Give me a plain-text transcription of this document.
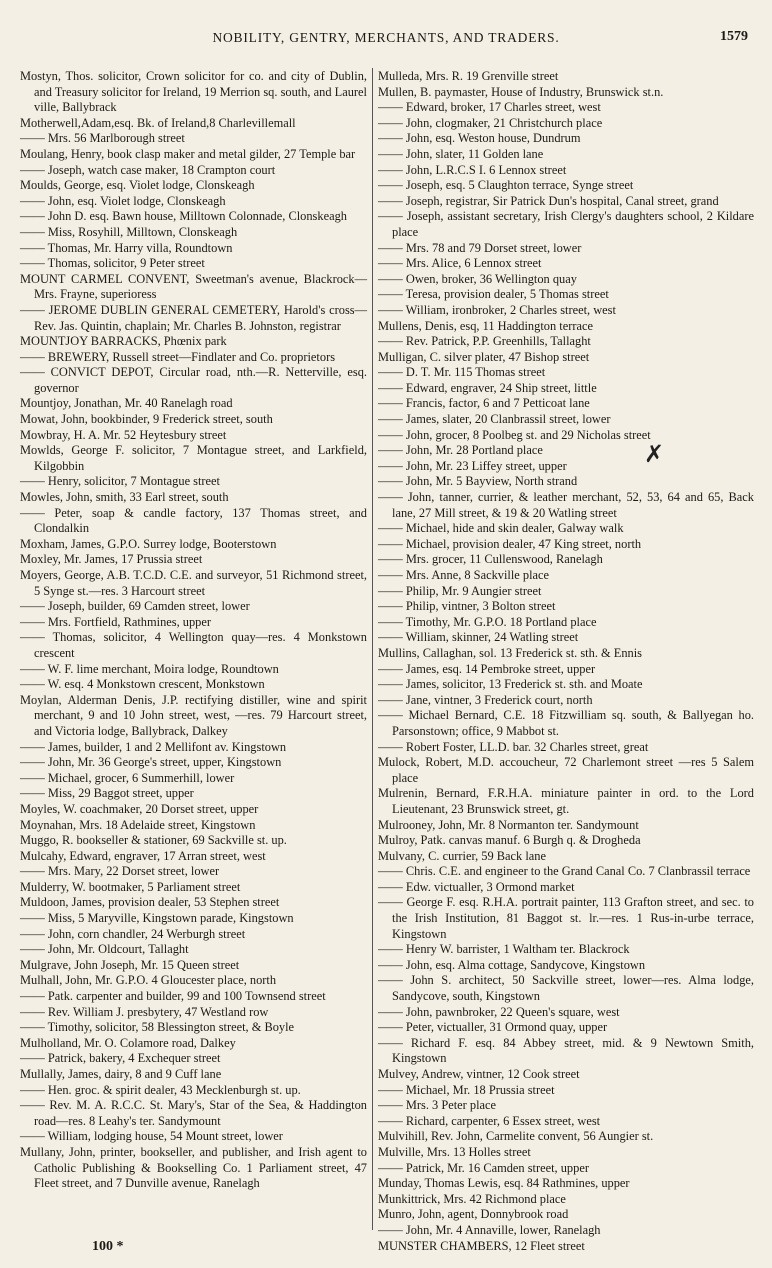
NOBILITY, GENTRY, MERCHANTS, AND TRADERS.	1579

Mostyn, Thos. solicitor, Crown solicitor for co. and city of Dublin, and Treasury solicitor for Ireland, 19 Merrion sq. south, and Laurel ville, Ballybrack

Motherwell,Adam,esq. Bk. of Ireland,8 Charlevillemall

—— Mrs. 56 Marlborough street

Moulang, Henry, book clasp maker and metal gilder, 27 Temple bar

—— Joseph, watch case maker, 18 Crampton court

Moulds, George, esq. Violet lodge, Clonskeagh

—— John, esq. Violet lodge, Clonskeagh

—— John D. esq. Bawn house, Milltown Colonnade, Clonskeagh

—— Miss, Rosyhill, Milltown, Clonskeagh

—— Thomas, Mr. Harry villa, Roundtown

—— Thomas, solicitor, 9 Peter street

MOUNT CARMEL CONVENT, Sweetman's avenue, Blackrock—Mrs. Frayne, superioress

—— JEROME DUBLIN GENERAL CEMETERY, Harold's cross—Rev. Jas. Quintin, chaplain; Mr. Charles B. Johnston, registrar

MOUNTJOY BARRACKS, Phœnix park

—— BREWERY, Russell street—Findlater and Co. proprietors

—— CONVICT DEPOT, Circular road, nth.—R. Netterville, esq. governor

Mountjoy, Jonathan, Mr. 40 Ranelagh road

Mowat, John, bookbinder, 9 Frederick street, south

Mowbray, H. A. Mr. 52 Heytesbury street

Mowlds, George F. solicitor, 7 Montague street, and Larkfield, Kilgobbin

—— Henry, solicitor, 7 Montague street

Mowles, John, smith, 33 Earl street, south

—— Peter, soap & candle factory, 137 Thomas street, and Clondalkin

Moxham, James, G.P.O. Surrey lodge, Booterstown

Moxley, Mr. James, 17 Prussia street

Moyers, George, A.B. T.C.D. C.E. and surveyor, 51 Richmond street, 5 Synge st.—res. 3 Harcourt street

—— Joseph, builder, 69 Camden street, lower

—— Mrs. Fortfield, Rathmines, upper

—— Thomas, solicitor, 4 Wellington quay—res. 4 Monkstown crescent

—— W. F. lime merchant, Moira lodge, Roundtown

—— W. esq. 4 Monkstown crescent, Monkstown

Moylan, Alderman Denis, J.P. rectifying distiller, wine and spirit merchant, 9 and 10 John street, west, —res. 79 Harcourt street, and Victoria lodge, Ballybrack, Dalkey

—— James, builder, 1 and 2 Mellifont av. Kingstown

—— John, Mr. 36 George's street, upper, Kingstown

—— Michael, grocer, 6 Summerhill, lower

—— Miss, 29 Baggot street, upper

Moyles, W. coachmaker, 20 Dorset street, upper

Moynahan, Mrs. 18 Adelaide street, Kingstown

Muggo, R. bookseller & stationer, 69 Sackville st. up.

Mulcahy, Edward, engraver, 17 Arran street, west

—— Mrs. Mary, 22 Dorset street, lower

Mulderry, W. bootmaker, 5 Parliament street

Muldoon, James, provision dealer, 53 Stephen street

—— Miss, 5 Maryville, Kingstown parade, Kingstown

—— John, corn chandler, 24 Werburgh street

—— John, Mr. Oldcourt, Tallaght

Mulgrave, John Joseph, Mr. 15 Queen street

Mulhall, John, Mr. G.P.O. 4 Gloucester place, north

—— Patk. carpenter and builder, 99 and 100 Townsend street

—— Rev. William J. presbytery, 47 Westland row

—— Timothy, solicitor, 58 Blessington street, & Boyle

Mulholland, Mr. O. Colamore road, Dalkey

—— Patrick, bakery, 4 Exchequer street

Mullally, James, dairy, 8 and 9 Cuff lane

—— Hen. groc. & spirit dealer, 43 Mecklenburgh st. up.

—— Rev. M. A. R.C.C. St. Mary's, Star of the Sea, & Haddington road—res. 8 Leahy's ter. Sandymount

—— William, lodging house, 54 Mount street, lower

Mullany, John, printer, bookseller, and publisher, and Irish agent to Catholic Publishing & Bookselling Co. 1 Parliament street, 47 Fleet street, and 7 Dunville avenue, Ranelagh

Mulleda, Mrs. R. 19 Grenville street

Mullen, B. paymaster, House of Industry, Brunswick st.n.

—— Edward, broker, 17 Charles street, west

—— John, clogmaker, 21 Christchurch place

—— John, esq. Weston house, Dundrum

—— John, slater, 11 Golden lane

—— John, L.R.C.S I. 6 Lennox street

—— Joseph, esq. 5 Claughton terrace, Synge street

—— Joseph, registrar, Sir Patrick Dun's hospital, Canal street, grand

—— Joseph, assistant secretary, Irish Clergy's daughters school, 2 Kildare place

—— Mrs. 78 and 79 Dorset street, lower

—— Mrs. Alice, 6 Lennox street

—— Owen, broker, 36 Wellington quay

—— Teresa, provision dealer, 5 Thomas street

—— William, ironbroker, 2 Charles street, west

Mullens, Denis, esq, 11 Haddington terrace

—— Rev. Patrick, P.P. Greenhills, Tallaght

Mulligan, C. silver plater, 47 Bishop street

—— D. T. Mr. 115 Thomas street

—— Edward, engraver, 24 Ship street, little

—— Francis, factor, 6 and 7 Petticoat lane

—— James, slater, 20 Clanbrassil street, lower

—— John, grocer, 8 Poolbeg st. and 29 Nicholas street

—— John, Mr. 28 Portland place

—— John, Mr. 23 Liffey street, upper

—— John, Mr. 5 Bayview, North strand

—— John, tanner, currier, & leather merchant, 52, 53, 64 and 65, Back lane, 27 Mill street, & 19 & 20 Watling street

—— Michael, hide and skin dealer, Galway walk

—— Michael, provision dealer, 47 King street, north

—— Mrs. grocer, 11 Cullenswood, Ranelagh

—— Mrs. Anne, 8 Sackville place

—— Philip, Mr. 9 Aungier street

—— Philip, vintner, 3 Bolton street

—— Timothy, Mr. G.P.O. 18 Portland place

—— William, skinner, 24 Watling street

Mullins, Callaghan, sol. 13 Frederick st. sth. & Ennis

—— James, esq. 14 Pembroke street, upper

—— James, solicitor, 13 Frederick st. sth. and Moate

—— Jane, vintner, 3 Frederick court, north

—— Michael Bernard, C.E. 18 Fitzwilliam sq. south, & Ballyegan ho. Parsonstown; office, 9 Mabbot st.

—— Robert Foster, LL.D. bar. 32 Charles street, great

Mulock, Robert, M.D. accoucheur, 72 Charlemont street —res 5 Salem place

Mulrenin, Bernard, F.R.H.A. miniature painter in ord. to the Lord Lieutenant, 23 Brunswick street, gt.

Mulrooney, John, Mr. 8 Normanton ter. Sandymount

Mulroy, Patk. canvas manuf. 6 Burgh q. & Drogheda

Mulvany, C. currier, 59 Back lane

—— Chris. C.E. and engineer to the Grand Canal Co. 7 Clanbrassil terrace

—— Edw. victualler, 3 Ormond market

—— George F. esq. R.H.A. portrait painter, 113 Grafton street, and sec. to the Irish Institution, 81 Baggot st. lr.—res. 1 Rus-in-urbe terrace, Kingstown

—— Henry W. barrister, 1 Waltham ter. Blackrock

—— John, esq. Alma cottage, Sandycove, Kingstown

—— John S. architect, 50 Sackville street, lower—res. Alma lodge, Sandycove, south, Kingstown

—— John, pawnbroker, 22 Queen's square, west

—— Peter, victualler, 31 Ormond quay, upper

—— Richard F. esq. 84 Abbey street, mid. & 9 Newtown Smith, Kingstown

Mulvey, Andrew, vintner, 12 Cook street

—— Michael, Mr. 18 Prussia street

—— Mrs. 3 Peter place

—— Richard, carpenter, 6 Essex street, west

Mulvihill, Rev. John, Carmelite convent, 56 Aungier st.

Mulville, Mrs. 13 Holles street

—— Patrick, Mr. 16 Camden street, upper

Munday, Thomas Lewis, esq. 84 Rathmines, upper

Munkittrick, Mrs. 42 Richmond place

Munro, John, agent, Donnybrook road

—— John, Mr. 4 Annaville, lower, Ranelagh

MUNSTER CHAMBERS, 12 Fleet street

✗
100 *
